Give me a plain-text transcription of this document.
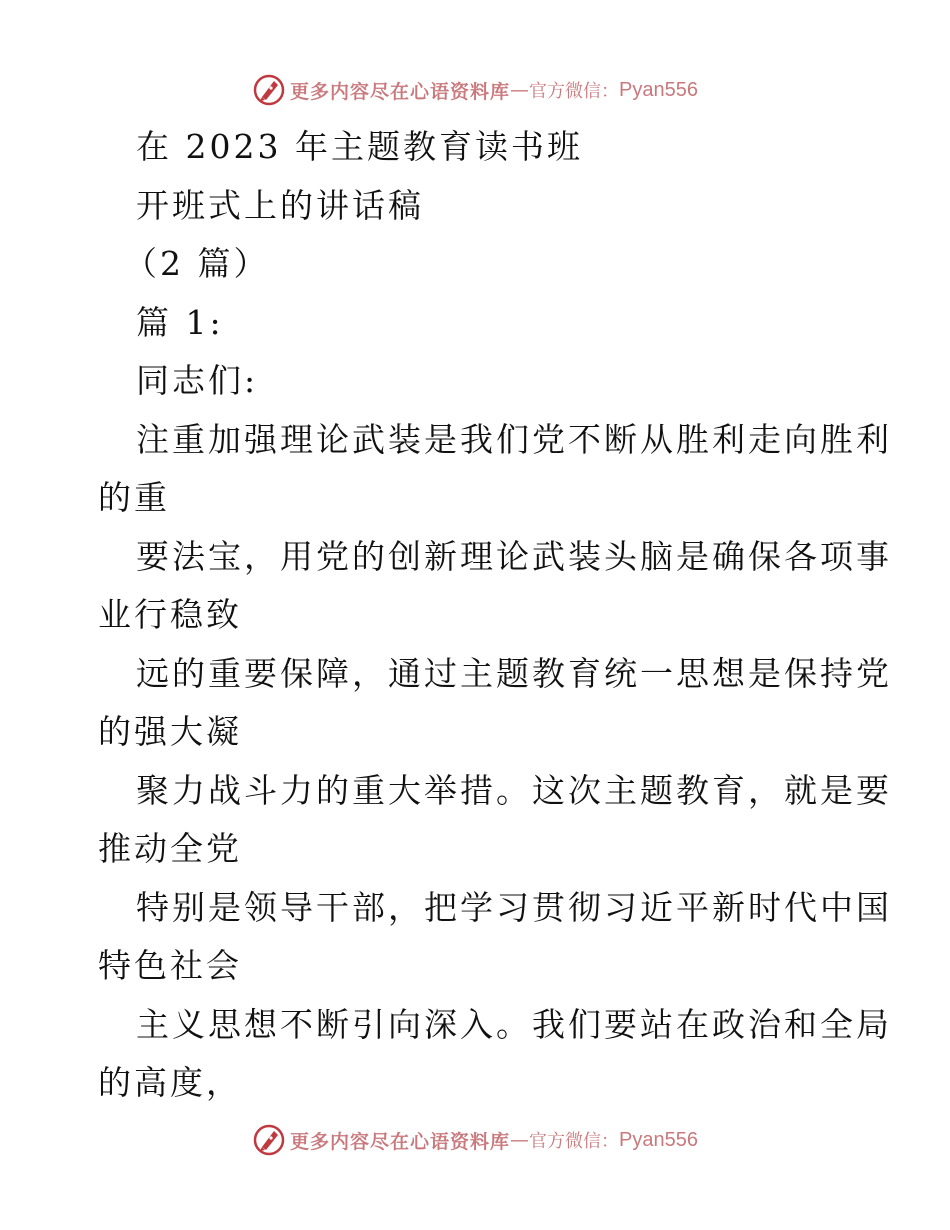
更多内容尽在心语资料库 — 官方微信： Pyan556
在 2023 年主题教育读书班
开班式上的讲话稿
（2 篇）
篇 1:
同志们:
注重加强理论武装是我们党不断从胜利走向胜利
的重
要法宝，用党的创新理论武装头脑是确保各项事
业行稳致
远的重要保障，通过主题教育统一思想是保持党
的强大凝
聚力战斗力的重大举措。这次主题教育，就是要
推动全党
特别是领导干部，把学习贯彻习近平新时代中国
特色社会
主义思想不断引向深入。我们要站在政治和全局
的高度，
更多内容尽在心语资料库 — 官方微信： Pyan556
